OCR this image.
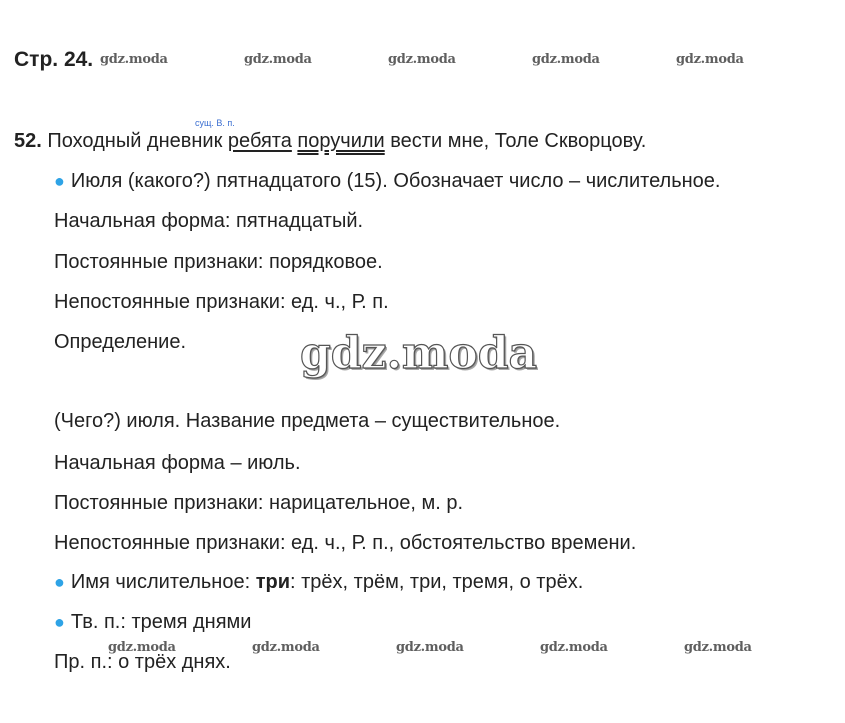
Стр. 24. gdz.moda	gdz.moda	gdz.moda	gdz.moda	gdz.moda
сущ. В. п.
52. Походный дневник ребята поручили вести мне, Толе Скворцову.
● Июля (какого?) пятнадцатого (15). Обозначает число – числительное.
Начальная форма: пятнадцатый.
Постоянные признаки: порядковое.
Непостоянные признаки: ед. ч., Р. п.
Определение.	gdz.moda
(Чего?) июля. Название предмета – существительное.
Начальная форма – июль.
Постоянные признаки: нарицательное, м. р.
Непостоянные признаки: ед. ч., Р. п., обстоятельство времени.
● Имя числительное: три: трёх, трём, три, тремя, о трёх.
● Тв. п.: тремя днями
gdz.moda	gdz.moda	gdz.moda	gdz.moda	gdz.moda
Пр. п.: о трёх днях.
